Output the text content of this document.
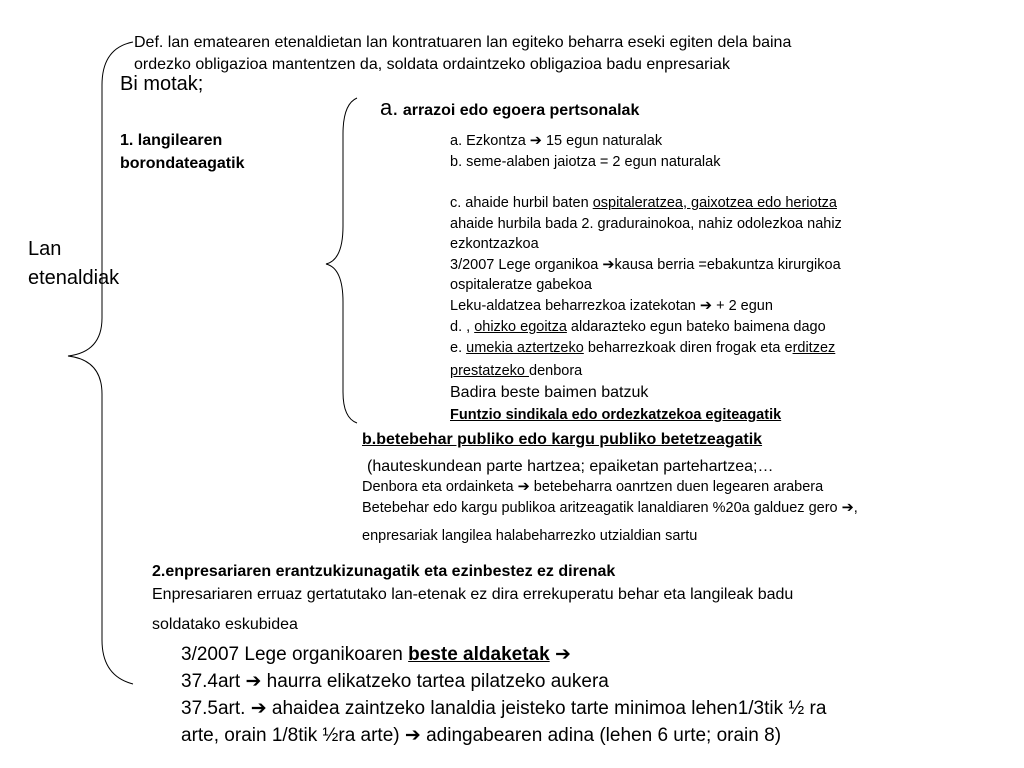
Def. lan ematearen etenaldietan lan kontratuaren lan egiteko beharra eseki egiten dela baina
ordezko obligazioa mantentzen da, soldata ordaintzeko obligazioa badu enpresariak
Lan
etenaldiak
Bi motak;
1. langilearen
borondateagatik
a. arrazoi edo egoera pertsonalak
a. Ezkontza ➔ 15 egun naturalak
b. seme-alaben jaiotza = 2 egun naturalak
c. ahaide hurbil baten ospitaleratzea, gaixotzea edo heriotza
ahaide hurbila bada 2. gradurainokoa, nahiz odolezkoa nahiz
ezkontzazkoa
3/2007 Lege organikoa ➔kausa berria =ebakuntza kirurgikoa
ospitaleratze gabekoa
Leku-aldatzea beharrezkoa izatekotan ➔ + 2 egun
d. , ohizko egoitza aldarazteko egun bateko baimena dago
e. umekia aztertzeko beharrezkoak diren frogak eta erditzez
prestatzeko denbora
Badira beste baimen batzuk
Funtzio sindikala edo ordezkatzekoa egiteagatik
b.betebehar publiko edo kargu publiko betetzeagatik
(hauteskundean parte hartzea; epaiketan partehartzea;…
Denbora eta ordainketa ➔ betebeharra oanrtzen duen legearen arabera
Betebehar edo kargu publikoa aritzeagatik lanaldiaren %20a galduez gero ➔,
enpresariak langilea halabeharrezko utzialdian sartu
2.enpresariaren erantzukizunagatik eta ezinbestez ez direnak
Enpresariaren erruaz gertatutako lan-etenak ez dira errekuperatu behar eta langileak badu
soldatako eskubidea
3/2007 Lege organikoaren beste aldaketak ➔
37.4art ➔ haurra elikatzeko tartea pilatzeko aukera
37.5art. ➔ ahaidea zaintzeko lanaldia jeisteko tarte minimoa lehen1/3tik ½ ra
arte, orain 1/8tik ½ra arte) ➔ adingabearen adina (lehen 6 urte; orain 8)
